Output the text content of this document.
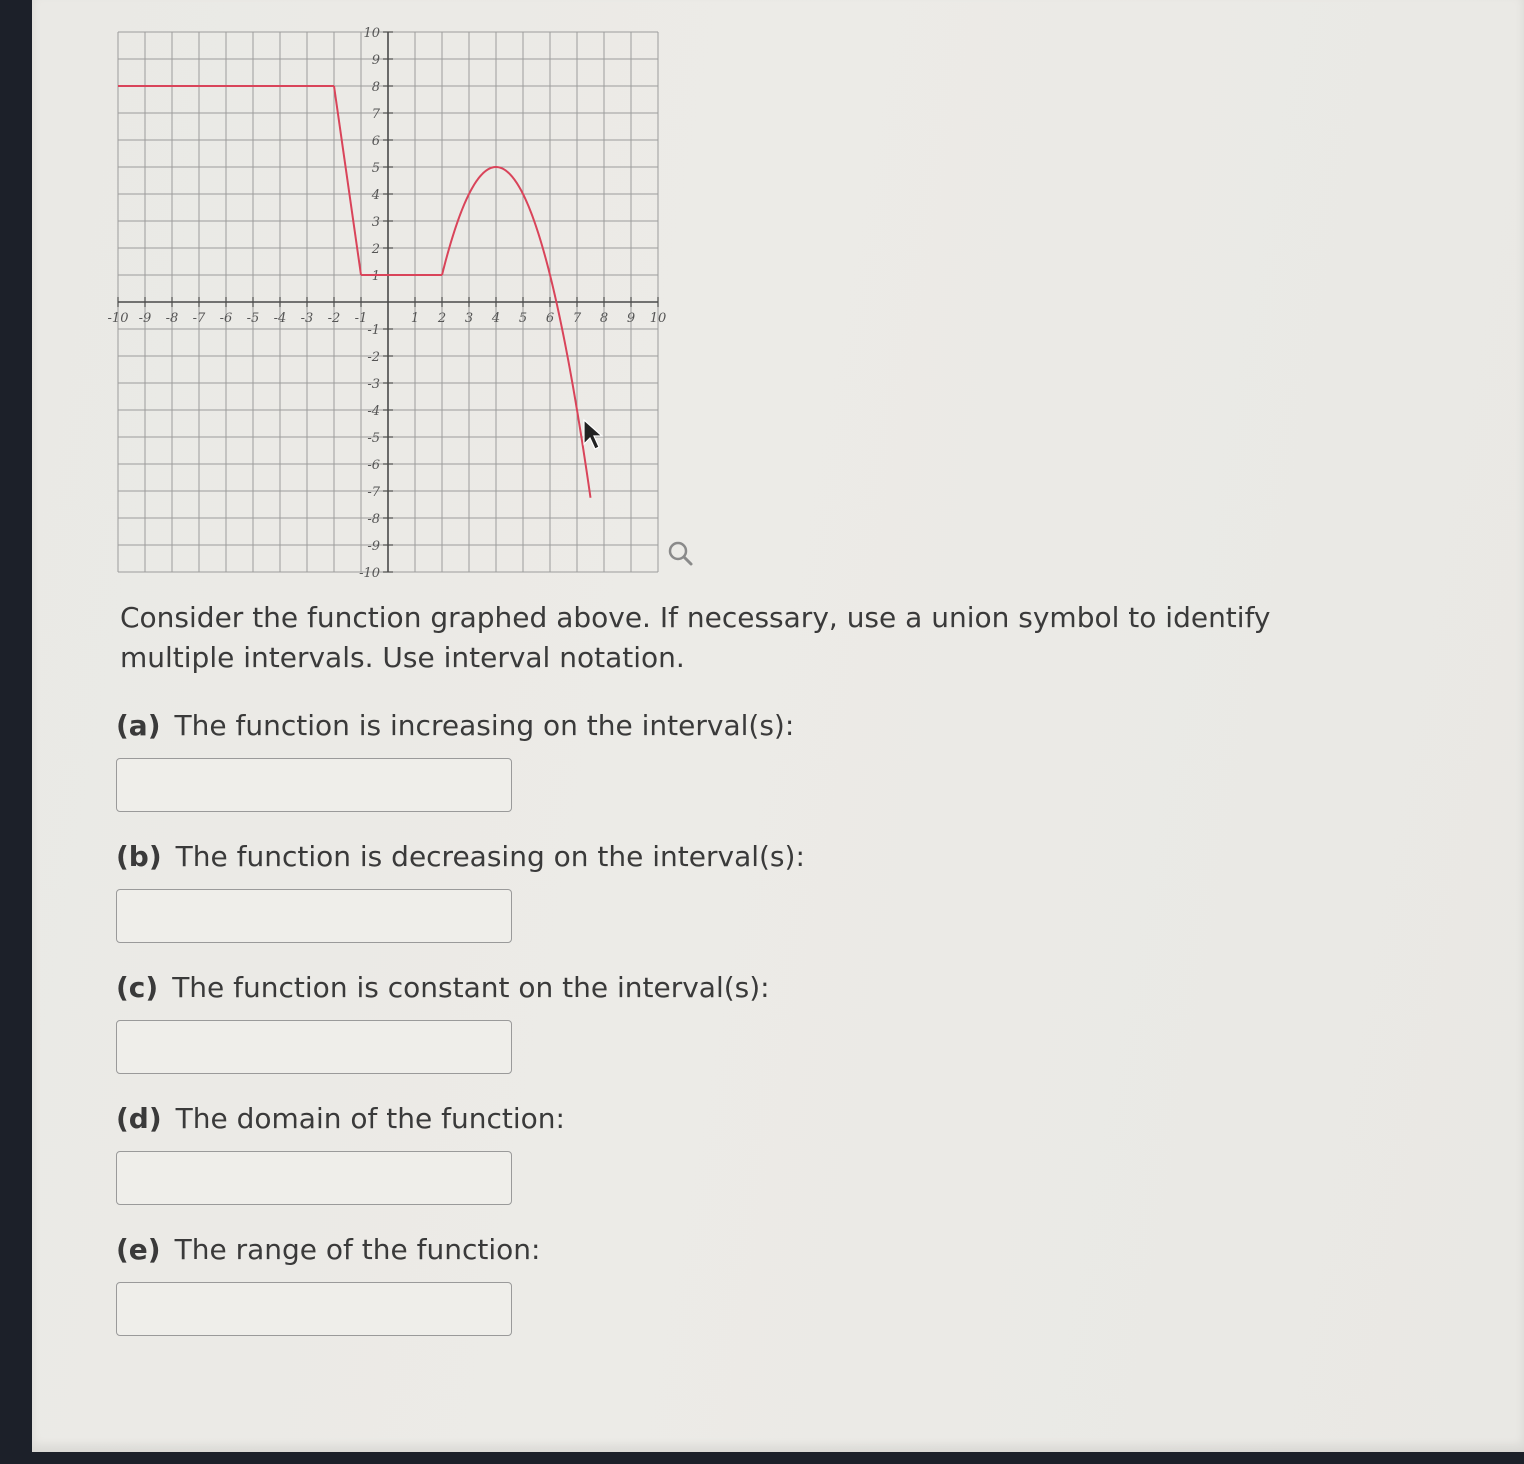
-10 -9 -8 -7 -6 -5 -4 -3 -2 -1	1 2 3 4 5 6 7 8 9 10
10
9
8
7
6
5
4
3
2
1
-1
-2
-3
-4
-5
-6
-7
-8
-9
-10

Consider the function graphed above. If necessary, use a union symbol to identify multiple intervals. Use interval notation.

(a) The function is increasing on the interval(s):
(b) The function is decreasing on the interval(s):
(c) The function is constant on the interval(s):
(d) The domain of the function:
(e) The range of the function:
